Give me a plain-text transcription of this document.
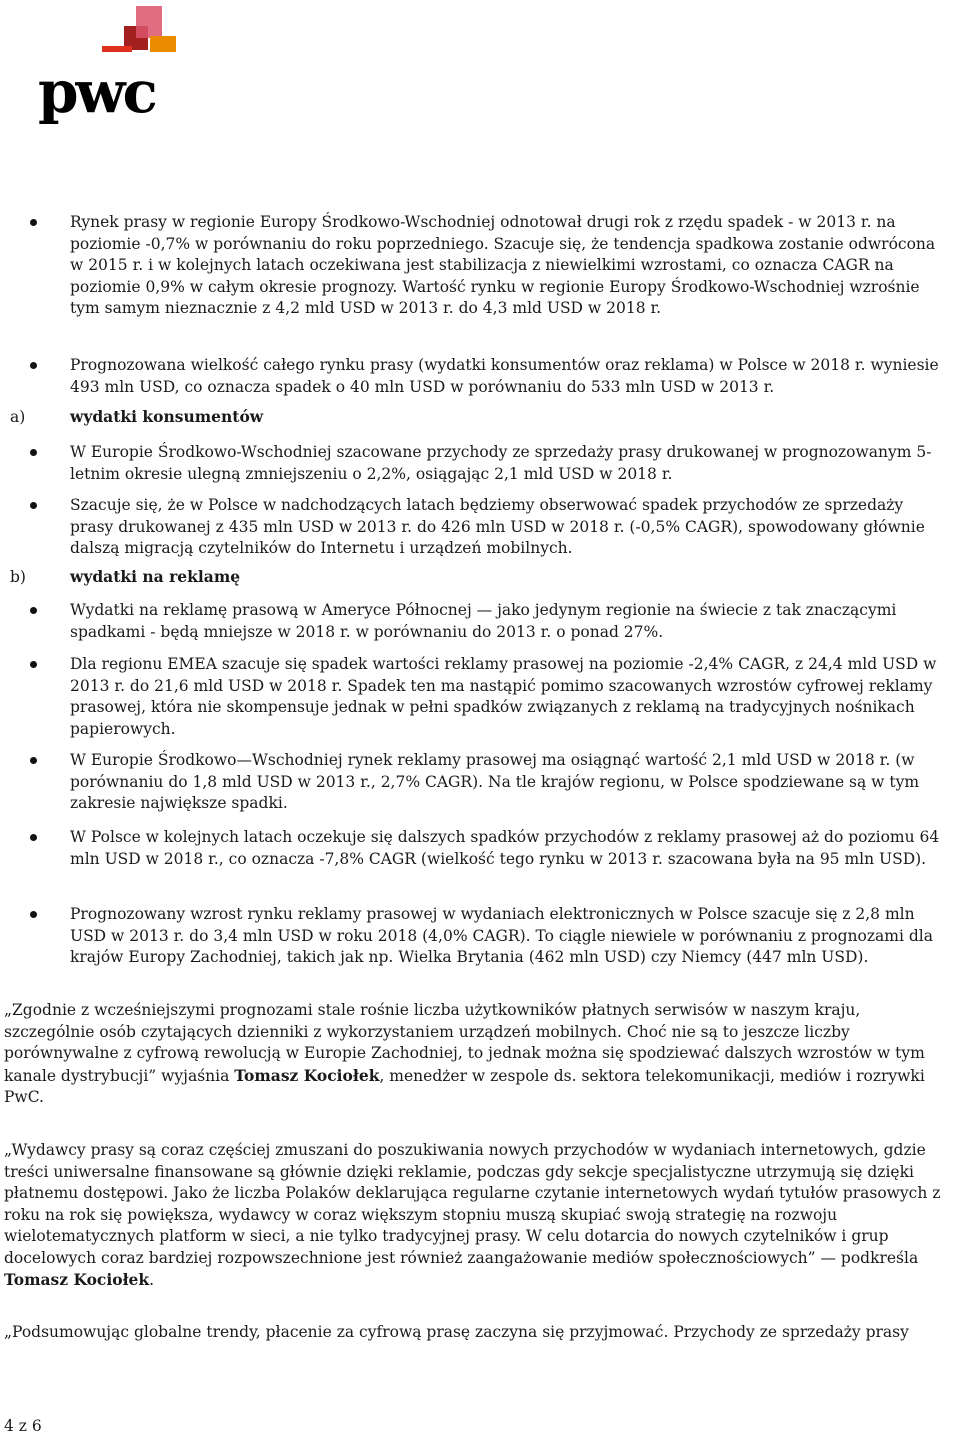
pwc
Rynek prasy w regionie Europy Środkowo-Wschodniej odnotował drugi rok z rzędu spadek - w 2013 r. na poziomie -0,7% w porównaniu do roku poprzedniego. Szacuje się, że tendencja spadkowa zostanie odwrócona w 2015 r. i w kolejnych latach oczekiwana jest stabilizacja z niewielkimi wzrostami, co oznacza CAGR na poziomie 0,9% w całym okresie prognozy. Wartość rynku w regionie Europy Środkowo-Wschodniej wzrośnie tym samym nieznacznie z 4,2 mld USD w 2013 r. do 4,3 mld USD w 2018 r.
Prognozowana wielkość całego rynku prasy (wydatki konsumentów oraz reklama) w Polsce w 2018 r. wyniesie 493 mln USD, co oznacza spadek o 40 mln USD w porównaniu do 533 mln USD w 2013 r.
a)	wydatki konsumentów
W Europie Środkowo-Wschodniej szacowane przychody ze sprzedaży prasy drukowanej w prognozowanym 5-letnim okresie ulegną zmniejszeniu o 2,2%, osiągając 2,1 mld USD w 2018 r.
Szacuje się, że w Polsce w nadchodzących latach będziemy obserwować spadek przychodów ze sprzedaży prasy drukowanej z 435 mln USD w 2013 r. do 426 mln USD w 2018 r. (-0,5% CAGR), spowodowany głównie dalszą migracją czytelników do Internetu i urządzeń mobilnych.
b)	wydatki na reklamę
Wydatki na reklamę prasową w Ameryce Północnej — jako jedynym regionie na świecie z tak znaczącymi spadkami - będą mniejsze w 2018 r. w porównaniu do 2013 r. o ponad 27%.
Dla regionu EMEA szacuje się spadek wartości reklamy prasowej na poziomie -2,4% CAGR, z 24,4 mld USD w 2013 r. do 21,6 mld USD w 2018 r. Spadek ten ma nastąpić pomimo szacowanych wzrostów cyfrowej reklamy prasowej, która nie skompensuje jednak w pełni spadków związanych z reklamą na tradycyjnych nośnikach papierowych.
W Europie Środkowo—Wschodniej rynek reklamy prasowej ma osiągnąć wartość 2,1 mld USD w 2018 r. (w porównaniu do 1,8 mld USD w 2013 r., 2,7% CAGR). Na tle krajów regionu, w Polsce spodziewane są w tym zakresie największe spadki.
W Polsce w kolejnych latach oczekuje się dalszych spadków przychodów z reklamy prasowej aż do poziomu 64 mln USD w 2018 r., co oznacza -7,8% CAGR (wielkość tego rynku w 2013 r. szacowana była na 95 mln USD).
Prognozowany wzrost rynku reklamy prasowej w wydaniach elektronicznych w Polsce szacuje się z 2,8 mln USD w 2013 r. do 3,4 mln USD w roku 2018 (4,0% CAGR). To ciągle niewiele w porównaniu z prognozami dla krajów Europy Zachodniej, takich jak np. Wielka Brytania (462 mln USD) czy Niemcy (447 mln USD).
„Zgodnie z wcześniejszymi prognozami stale rośnie liczba użytkowników płatnych serwisów w naszym kraju, szczególnie osób czytających dzienniki z wykorzystaniem urządzeń mobilnych. Choć nie są to jeszcze liczby porównywalne z cyfrową rewolucją w Europie Zachodniej, to jednak można się spodziewać dalszych wzrostów w tym kanale dystrybucji” wyjaśnia Tomasz Kociołek, menedżer w zespole ds. sektora telekomunikacji, mediów i rozrywki PwC.
„Wydawcy prasy są coraz częściej zmuszani do poszukiwania nowych przychodów w wydaniach internetowych, gdzie treści uniwersalne finansowane są głównie dzięki reklamie, podczas gdy sekcje specjalistyczne utrzymują się dzięki płatnemu dostępowi. Jako że liczba Polaków deklarująca regularne czytanie internetowych wydań tytułów prasowych z roku na rok się powiększa, wydawcy w coraz większym stopniu muszą skupiać swoją strategię na rozwoju wielotematycznych platform w sieci, a nie tylko tradycyjnej prasy. W celu dotarcia do nowych czytelników i grup docelowych coraz bardziej rozpowszechnione jest również zaangażowanie mediów społecznościowych” — podkreśla Tomasz Kociołek.
„Podsumowując globalne trendy, płacenie za cyfrową prasę zaczyna się przyjmować. Przychody ze sprzedaży prasy
4 z 6
